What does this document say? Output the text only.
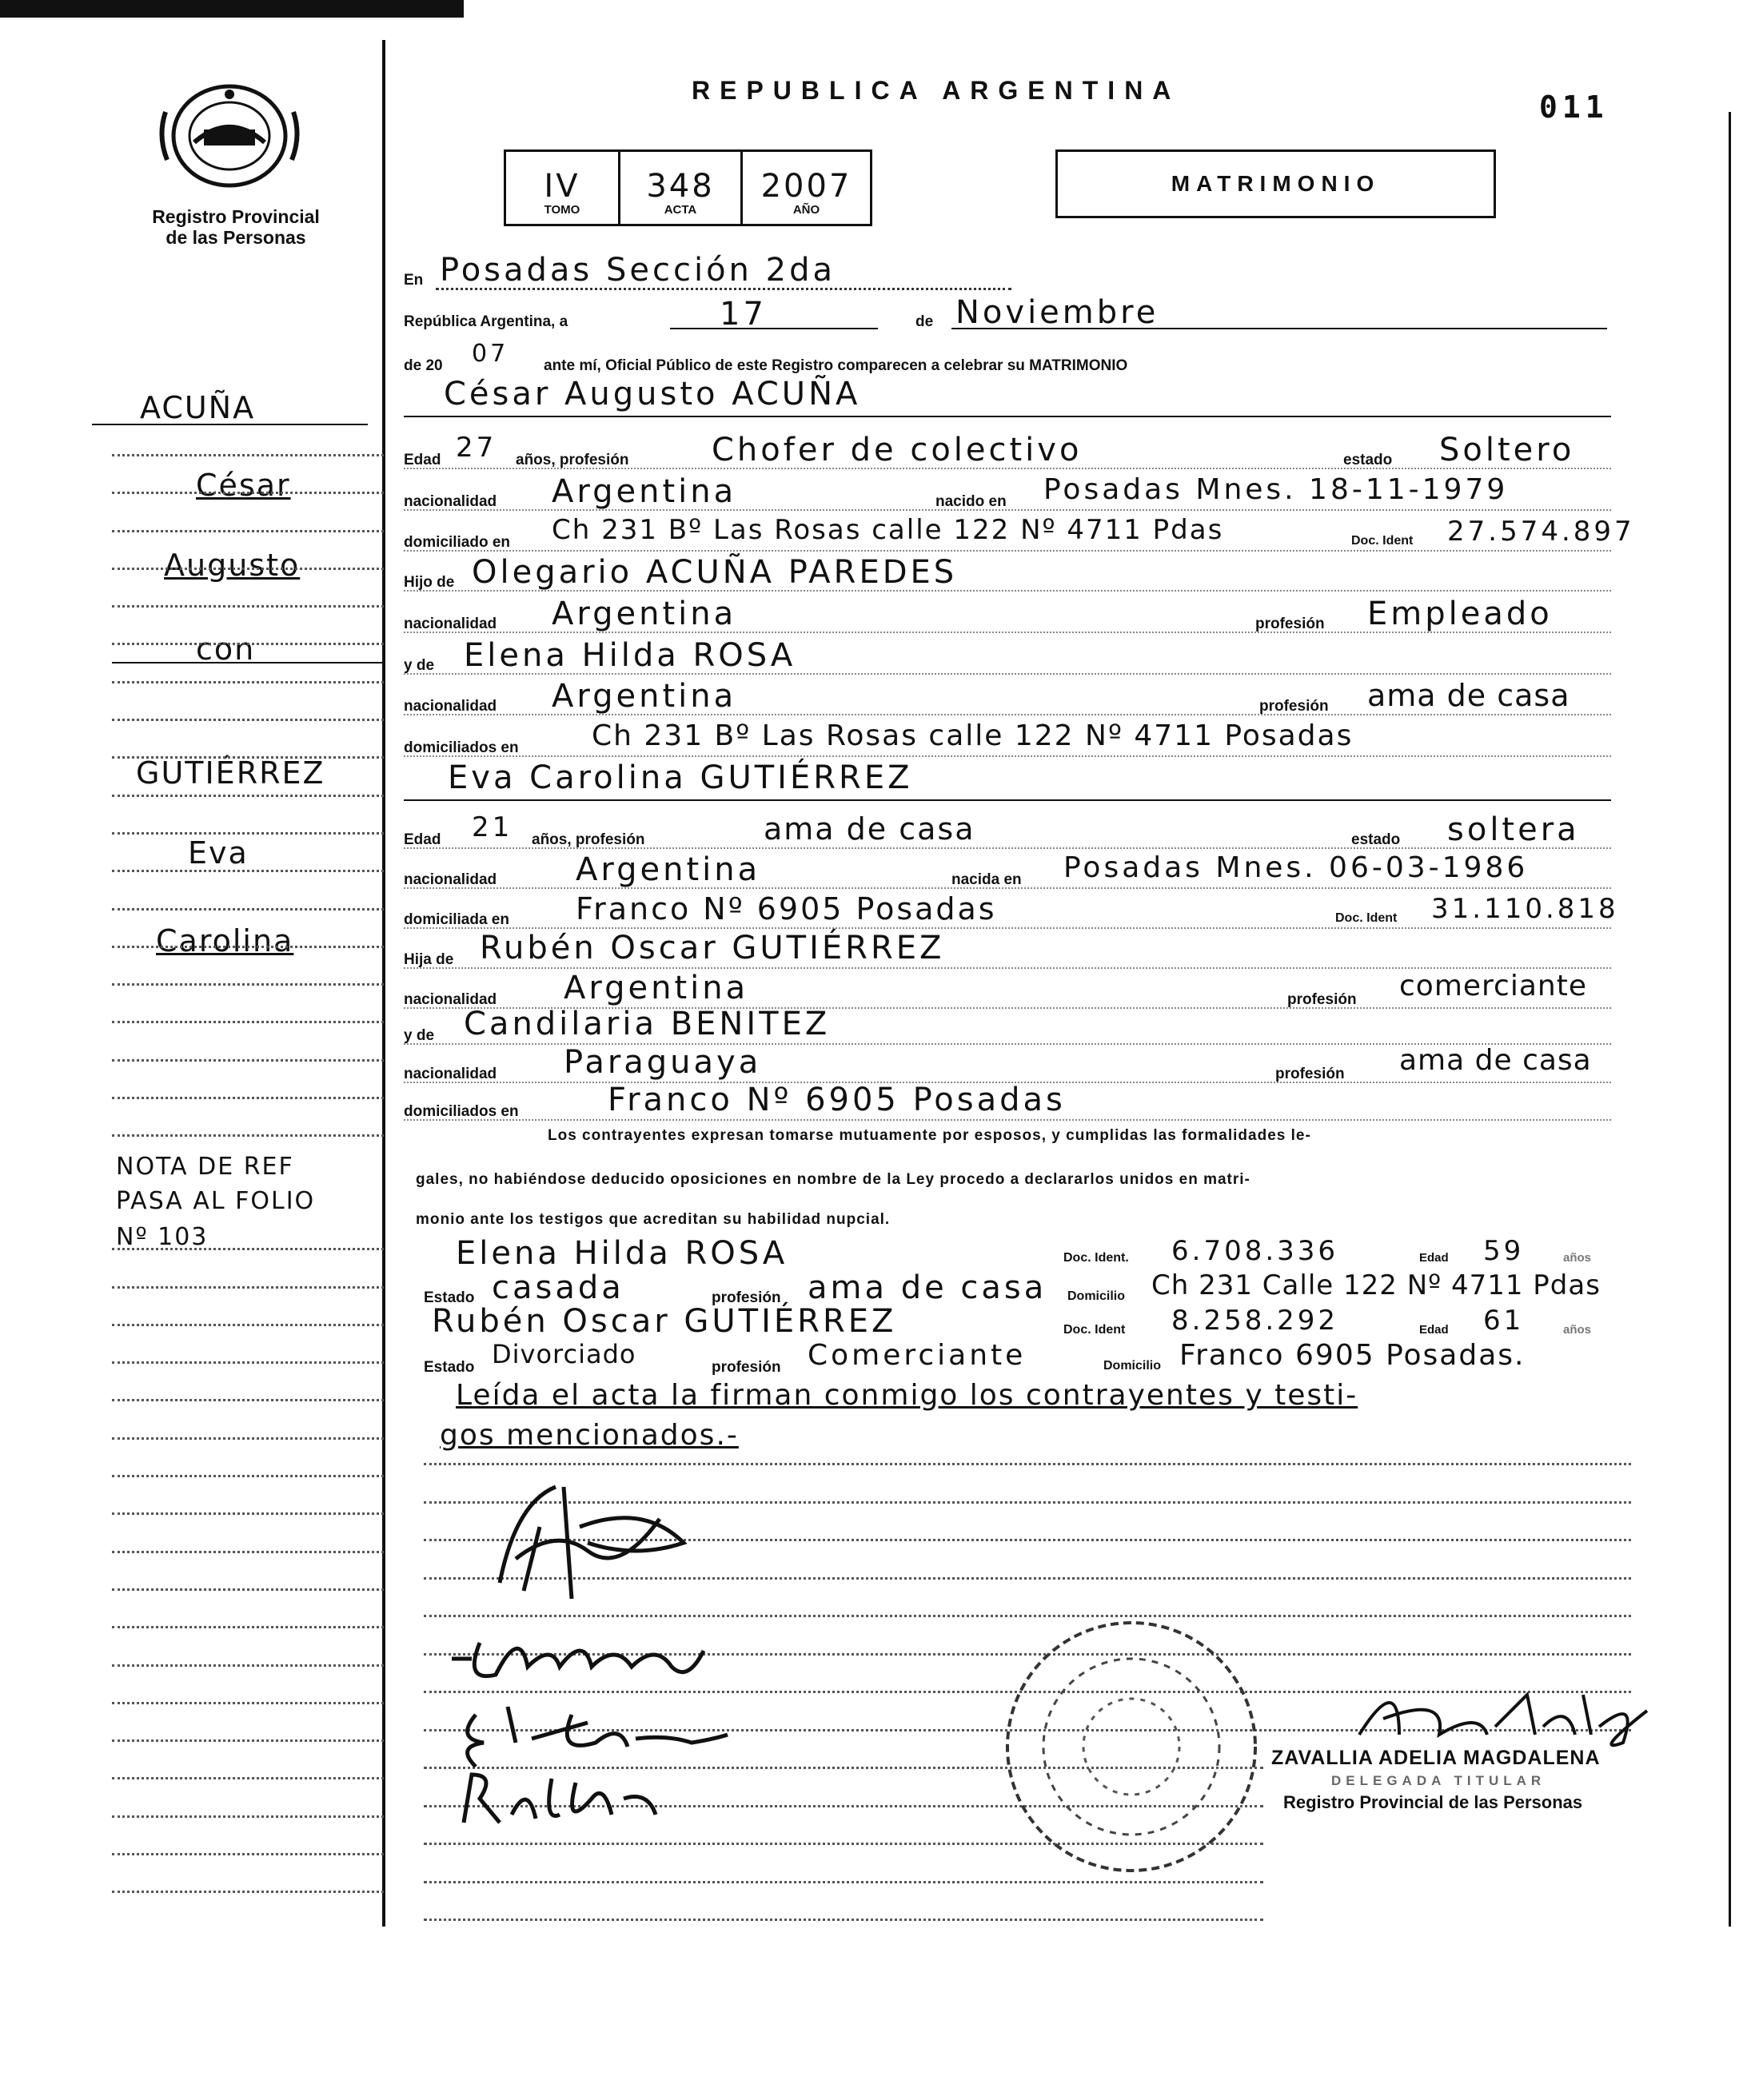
Registro Provincial
de las Personas
REPUBLICA ARGENTINA	011
IV
TOMO
348
ACTA
2007
AÑO
MATRIMONIO
ACUÑA
César
Augusto
con
GUTIÉRREZ
Eva
Carolina
NOTA DE REF
PASA AL FOLIO
Nº 103
En Posadas Sección 2da
República Argentina, a	17	de Noviembre
de 20 07 ante mí, Oficial Público de este Registro comparecen a celebrar su MATRIMONIO
César Augusto ACUÑA
Edad 27 años, profesión	Chofer de colectivo	estado Soltero
nacionalidad Argentina	nacido en Posadas Mnes. 18-11-1979
domiciliado en Ch 231 Bº Las Rosas calle 122 Nº 4711 Pdas	Doc. Ident 27.574.897
Hijo de Olegario ACUÑA PAREDES
nacionalidad Argentina	profesión Empleado
y de Elena Hilda ROSA
nacionalidad Argentina	profesión ama de casa
domiciliados en	Ch 231 Bº Las Rosas calle 122 Nº 4711 Posadas
Eva Carolina GUTIÉRREZ
Edad 21 años, profesión	ama de casa	estado soltera
nacionalidad Argentina	nacida en Posadas Mnes. 06-03-1986
domiciliada en Franco Nº 6905 Posadas	Doc. Ident 31.110.818
Hija de Rubén Oscar GUTIÉRREZ
nacionalidad Argentina	profesión comerciante
y de Candilaria BENITEZ
nacionalidad Paraguaya	profesión ama de casa
domiciliados en	Franco Nº 6905 Posadas
Los contrayentes expresan tomarse mutuamente por esposos, y cumplidas las formalidades le-
gales, no habiéndose deducido oposiciones en nombre de la Ley procedo a declararlos unidos en matri-
monio ante los testigos que acreditan su habilidad nupcial.
Elena Hilda ROSA	Doc. Ident. 6.708.336	Edad 59	años
Estado casada	profesión ama de casa Domicilio Ch 231 Calle 122 Nº 4711 Pdas
Rubén Oscar GUTIÉRREZ	Doc. Ident 8.258.292	Edad 61	años
Estado Divorciado	profesión Comerciante	Domicilio Franco 6905 Posadas.
Leída el acta la firman conmigo los contrayentes y testi-
gos mencionados.-
ZAVALLIA ADELIA MAGDALENA
DELEGADA TITULAR
Registro Provincial de las Personas
